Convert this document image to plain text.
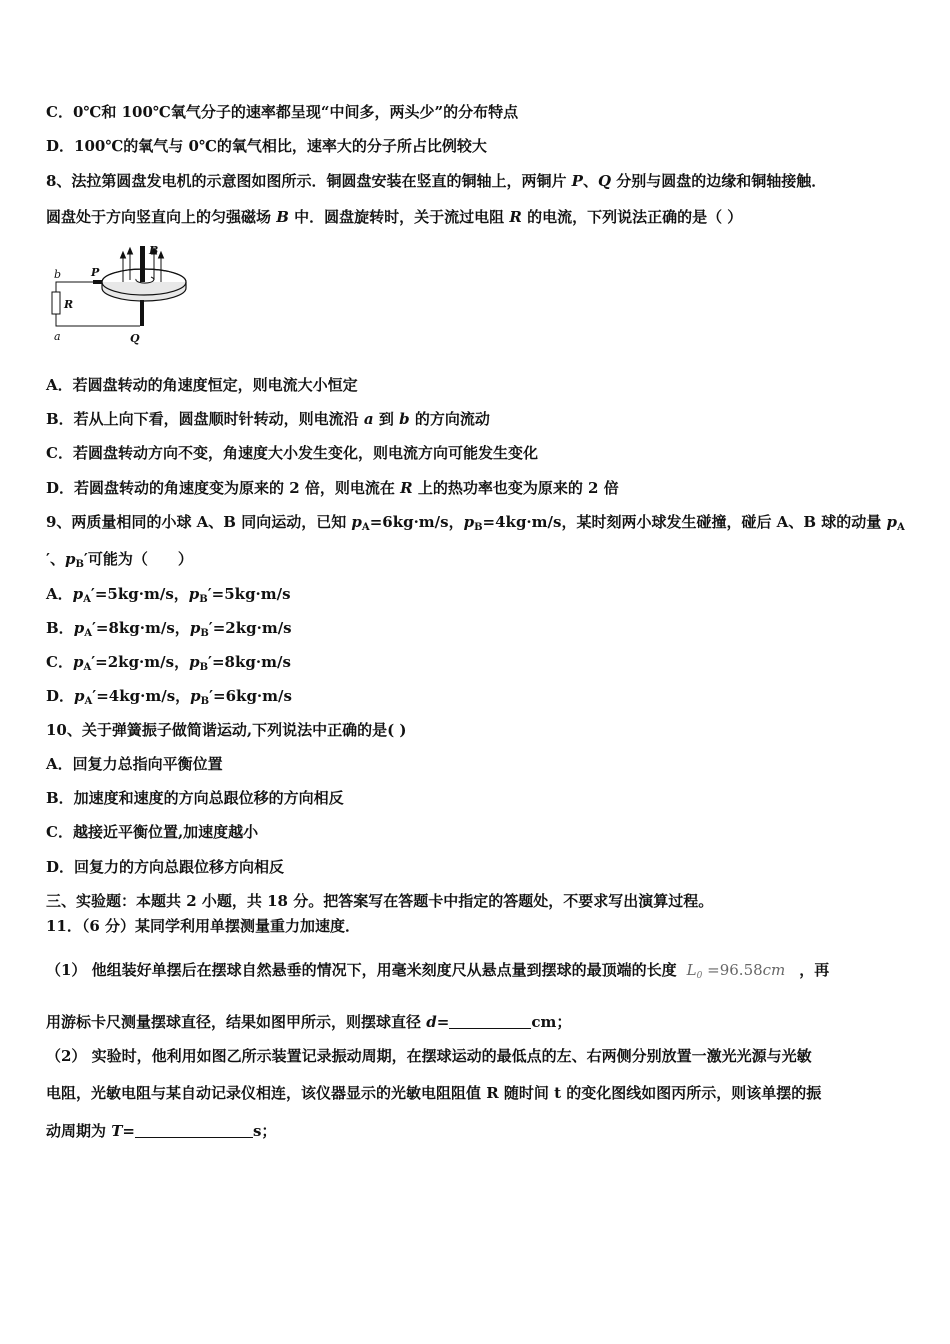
C．0℃和 100℃氧气分子的速率都呈现“中间多，两头少”的分布特点
D．100℃的氧气与 0℃的氧气相比，速率大的分子所占比例较大
8、法拉第圆盘发电机的示意图如图所示．铜圆盘安装在竖直的铜轴上，两铜片 P、Q 分别与圆盘的边缘和铜轴接触．
圆盘处于方向竖直向上的匀强磁场 B 中．圆盘旋转时，关于流过电阻 R 的电流，下列说法正确的是（ ）
b	P
B
R
a	Q
A．若圆盘转动的角速度恒定，则电流大小恒定
B．若从上向下看，圆盘顺时针转动，则电流沿 a 到 b 的方向流动
C．若圆盘转动方向不变，角速度大小发生变化，则电流方向可能发生变化
D．若圆盘转动的角速度变为原来的 2 倍，则电流在 R 上的热功率也变为原来的 2 倍
9、两质量相同的小球 A、B 同向运动，已知 $p_A=6kg\cdot m/s$，$p_B=4kg\cdot m/s$，某时刻两小球发生碰撞，碰后 A、B 球的动量 $p_A$
′、$p_B'$可能为（　　）
A．$p_A'=5kg\cdot m/s$，$p_B'=5kg\cdot m/s$
B．$p_A'=8kg\cdot m/s$，$p_B'=2kg\cdot m/s$
C．$p_A'=2kg\cdot m/s$，$p_B'=8kg\cdot m/s$
D．$p_A'=4kg\cdot m/s$，$p_B'=6kg\cdot m/s$
10、关于弹簧振子做简谐运动,下列说法中正确的是( )
A．回复力总指向平衡位置
B．加速度和速度的方向总跟位移的方向相反
C．越接近平衡位置,加速度越小
D．回复力的方向总跟位移方向相反
三、实验题：本题共 2 小题，共 18 分。把答案写在答题卡中指定的答题处，不要求写出演算过程。
11．（6 分）某同学利用单摆测量重力加速度．
（1） 他组装好单摆后在摆球自然悬垂的情况下，用毫米刻度尺从悬点量到摆球的最顶端的长度 $L_0 =96.58cm$ ，再
用游标卡尺测量摆球直径，结果如图甲所示，则摆球直径 d=	cm；
（2） 实验时，他利用如图乙所示装置记录振动周期，在摆球运动的最低点的左、右两侧分别放置一激光光源与光敏
电阻，光敏电阻与某自动记录仪相连，该仪器显示的光敏电阻阻值 R 随时间 t 的变化图线如图丙所示，则该单摆的振
动周期为 T=	s；
